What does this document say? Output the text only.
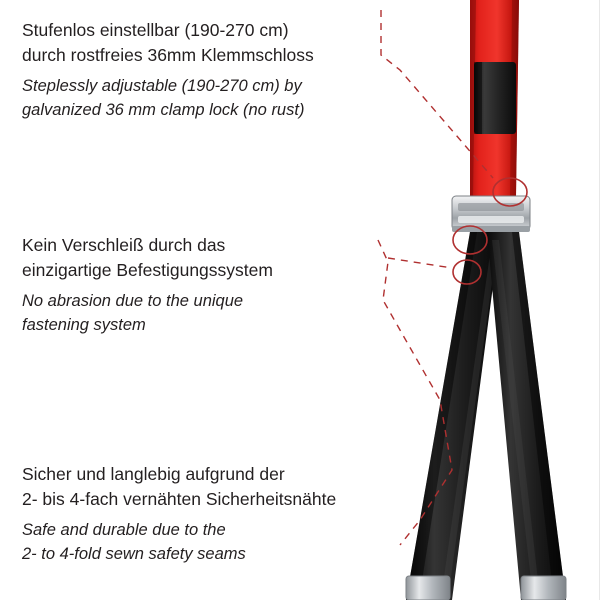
Stufenlos einstellbar (190-270 cm)
durch rostfreies 36mm Klemmschloss
Steplessly adjustable (190-270 cm) by
galvanized 36 mm clamp lock (no rust)
Kein Verschleiß durch das
einzigartige Befestigungssystem
No abrasion due to the unique
fastening system
Sicher und langlebig aufgrund der
2- bis 4-fach vernähten Sicherheitsnähte
Safe and durable due to the
2- to 4-fold sewn safety seams
